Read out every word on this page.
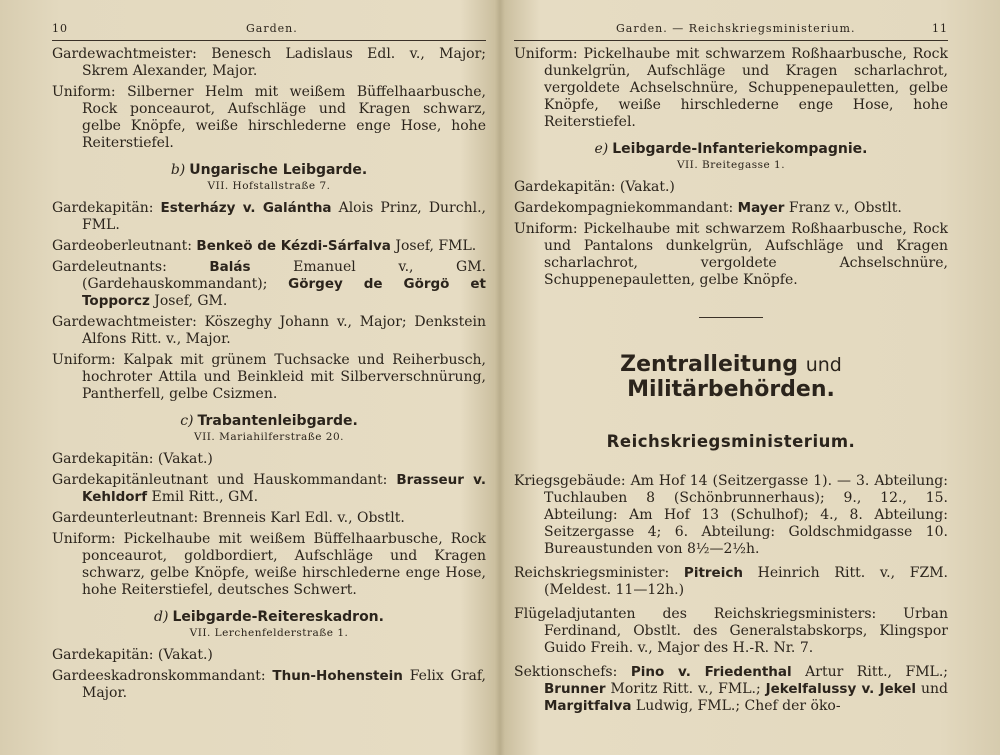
10	Garden.

Gardewachtmeister: Benesch Ladislaus Edl. v., Major; Skrem Alexander, Major.

Uniform: Silberner Helm mit weißem Büffelhaarbusche, Rock ponceaurot, Aufschläge und Kragen schwarz, gelbe Knöpfe, weiße hirschlederne enge Hose, hohe Reiterstiefel.

b) Ungarische Leibgarde.
VII. Hofstallstraße 7.

Gardekapitän: Esterházy v. Galántha Alois Prinz, Durchl., FML.

Gardeoberleutnant: Benkeö de Kézdi-Sárfalva Josef, FML.

Gardeleutnants: Balás Emanuel v., GM. (Gardehauskommandant); Görgey de Görgö et Topporcz Josef, GM.

Gardewachtmeister: Köszeghy Johann v., Major; Denkstein Alfons Ritt. v., Major.

Uniform: Kalpak mit grünem Tuchsacke und Reiherbusch, hochroter Attila und Beinkleid mit Silberverschnürung, Pantherfell, gelbe Csizmen.

c) Trabantenleibgarde.
VII. Mariahilferstraße 20.

Gardekapitän: (Vakat.)

Gardekapitänleutnant und Hauskommandant: Brasseur v. Kehldorf Emil Ritt., GM.

Gardeunterleutnant: Brenneis Karl Edl. v., Obstlt.

Uniform: Pickelhaube mit weißem Büffelhaarbusche, Rock ponceaurot, goldbordiert, Aufschläge und Kragen schwarz, gelbe Knöpfe, weiße hirschlederne enge Hose, hohe Reiterstiefel, deutsches Schwert.

d) Leibgarde-Reitereskadron.
VII. Lerchenfelderstraße 1.

Gardekapitän: (Vakat.)

Gardeeskadronskommandant: Thun-Hohenstein Felix Graf, Major.

Garden. — Reichskriegsministerium.	11

Uniform: Pickelhaube mit schwarzem Roßhaarbusche, Rock dunkelgrün, Aufschläge und Kragen scharlachrot, vergoldete Achselschnüre, Schuppenepauletten, gelbe Knöpfe, weiße hirschlederne enge Hose, hohe Reiterstiefel.

e) Leibgarde-Infanteriekompagnie.
VII. Breitegasse 1.

Gardekapitän: (Vakat.)

Gardekompagniekommandant: Mayer Franz v., Obstlt.

Uniform: Pickelhaube mit schwarzem Roßhaarbusche, Rock und Pantalons dunkelgrün, Aufschläge und Kragen scharlachrot, vergoldete Achselschnüre, Schuppenepauletten, gelbe Knöpfe.

Zentralleitung und Militärbehörden.
Reichskriegsministerium.

Kriegsgebäude: Am Hof 14 (Seitzergasse 1). — 3. Abteilung: Tuchlauben 8 (Schönbrunnerhaus); 9., 12., 15. Abteilung: Am Hof 13 (Schulhof); 4., 8. Abteilung: Seitzergasse 4; 6. Abteilung: Goldschmidgasse 10. Bureaustunden von 8½—2½h.

Reichskriegsminister: Pitreich Heinrich Ritt. v., FZM. (Meldest. 11—12h.)

Flügeladjutanten des Reichskriegsministers: Urban Ferdinand, Obstlt. des Generalstabskorps, Klingspor Guido Freih. v., Major des H.-R. Nr. 7.

Sektionschefs: Pino v. Friedenthal Artur Ritt., FML.; Brunner Moritz Ritt. v., FML.; Jekelfalussy v. Jekel und Margitfalva Ludwig, FML.; Chef der öko-
